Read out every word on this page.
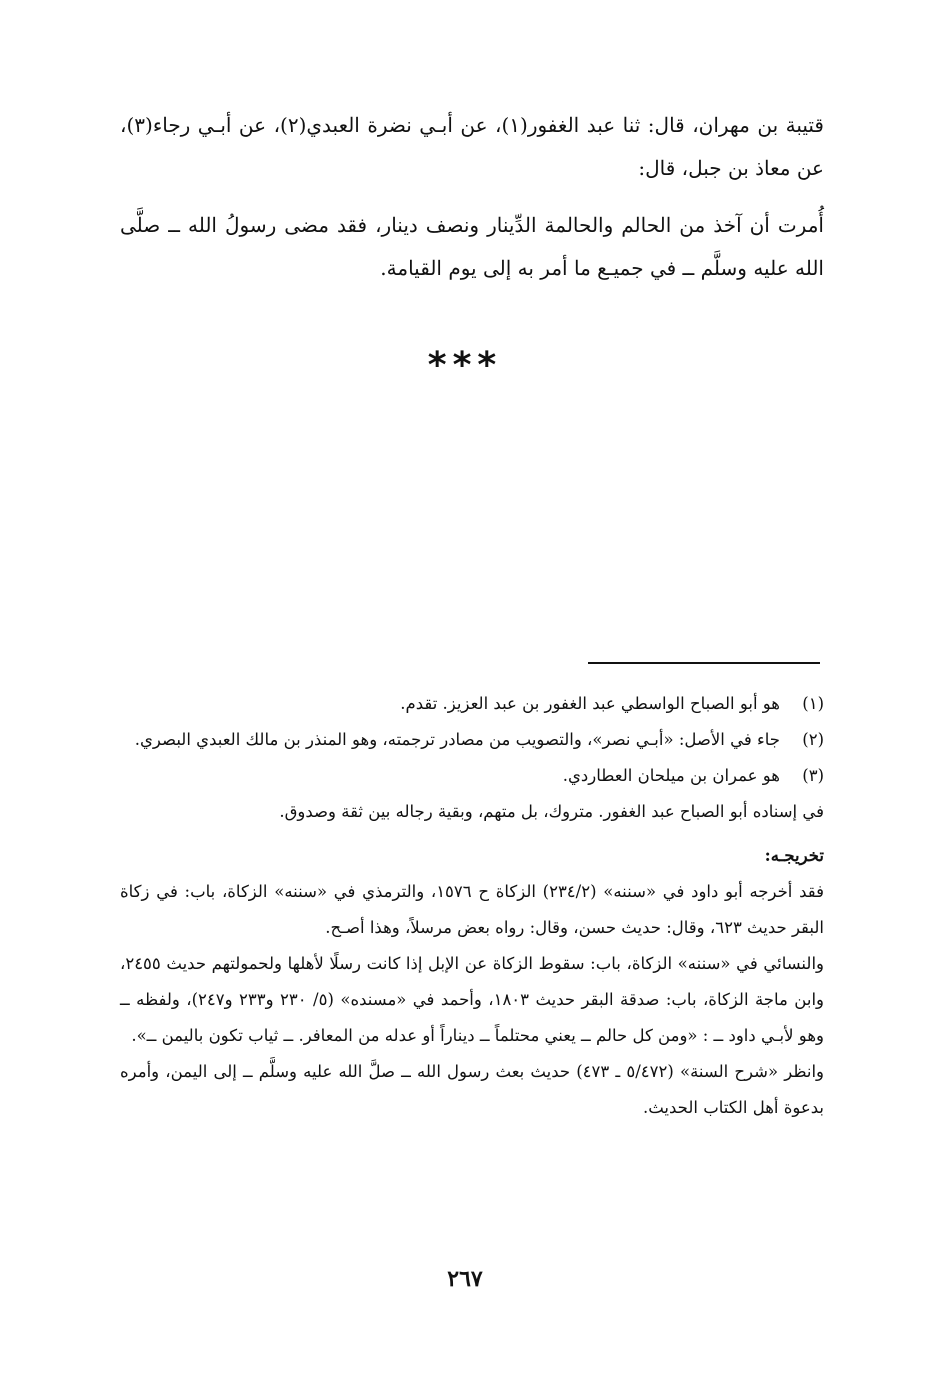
قتيبة بن مهران، قال: ثنا عبد الغفور(١)، عن أبـي نضرة العبدي(٢)، عن أبـي رجاء(٣)، عن معاذ بن جبل، قال:

أُمرت أن آخذ من الحالم والحالمة الدِّينار ونصف دينار، فقد مضى رسولُ الله ــ صلَّى الله عليه وسلَّم ــ في جميـع ما أمر به إلى يوم القيامة.

***
(١)
هو أبو الصباح الواسطي عبد الغفور بن عبد العزيز. تقدم.
(٢)
جاء في الأصل: «أبـي نصر»، والتصويب من مصادر ترجمته، وهو المنذر بن مالك العبدي البصري.
(٣)
هو عمران بن ميلحان العطاردي.

في إسناده أبو الصباح عبد الغفور. متروك، بل متهم، وبقية رجاله بين ثقة وصدوق.

تخريجـه:

فقد أخرجه أبو داود في «سننه» (٢٣٤/٢) الزكاة ح ١٥٧٦، والترمذي في «سننه» الزكاة، باب: في زكاة البقر حديث ٦٢٣، وقال: حديث حسن، وقال: رواه بعض مرسلاً، وهذا أصـح.

والنسائي في «سننه» الزكاة، باب: سقوط الزكاة عن الإبل إذا كانت رسلًا لأهلها ولحمولتهم حديث ٢٤٥٥، وابن ماجة الزكاة، باب: صدقة البقر حديث ١٨٠٣، وأحمد في «مسنده» (٥/ ٢٣٠ و٢٣٣ و٢٤٧)، ولفظه ــ وهو لأبـي داود ــ : «ومن كل حالم ــ يعني محتلماً ــ ديناراً أو عدله من المعافر. ــ ثياب تكون باليمن ــ».

وانظر «شرح السنة» (٥/٤٧٢ ـ ٤٧٣) حديث بعث رسول الله ــ صلَّ الله عليه وسلَّم ــ إلى اليمن، وأمره بدعوة أهل الكتاب الحديث.

٢٦٧
